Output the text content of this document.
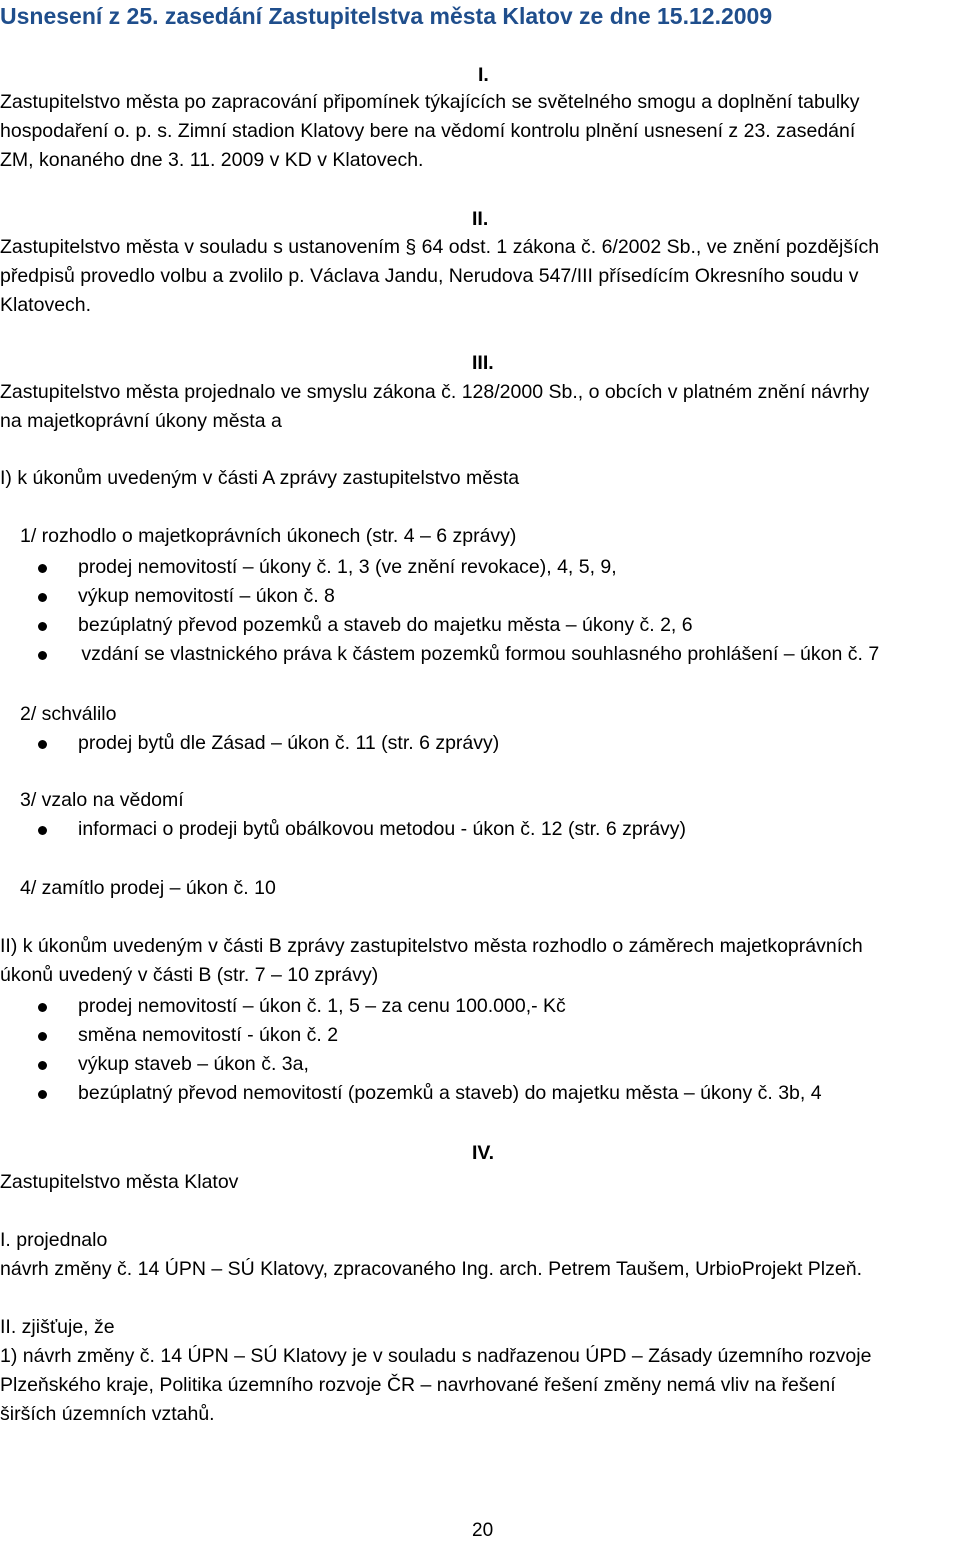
Usnesení z 25. zasedání Zastupitelstva města Klatov ze dne 15.12.2009
I.
Zastupitelstvo města po zapracování připomínek týkajících se světelného smogu a doplnění tabulky
hospodaření o. p. s. Zimní stadion Klatovy bere na vědomí kontrolu plnění usnesení z 23. zasedání
ZM, konaného dne 3. 11. 2009 v KD v Klatovech.
II.
Zastupitelstvo města v souladu s ustanovením § 64 odst. 1 zákona č. 6/2002 Sb., ve znění pozdějších
předpisů provedlo volbu a zvolilo p. Václava Jandu, Nerudova 547/III přísedícím Okresního soudu v
Klatovech.
III.
Zastupitelstvo města projednalo ve smyslu zákona č. 128/2000 Sb., o obcích v platném znění návrhy
na majetkoprávní úkony města a
I) k úkonům uvedeným v části A zprávy zastupitelstvo města
1/ rozhodlo o majetkoprávních úkonech (str. 4 – 6 zprávy)
prodej nemovitostí – úkony č. 1, 3 (ve znění revokace), 4, 5, 9,
výkup nemovitostí – úkon č. 8
bezúplatný převod pozemků a staveb do majetku města – úkony č. 2, 6
vzdání se vlastnického práva k částem pozemků formou souhlasného prohlášení – úkon č. 7
2/ schválilo
prodej bytů dle Zásad – úkon č. 11 (str. 6 zprávy)
3/ vzalo na vědomí
informaci o prodeji bytů obálkovou metodou - úkon č. 12 (str. 6 zprávy)
4/ zamítlo prodej – úkon č. 10
II) k úkonům uvedeným v části B zprávy zastupitelstvo města rozhodlo o záměrech majetkoprávních
úkonů uvedený v části B (str. 7 – 10 zprávy)
prodej nemovitostí – úkon č. 1, 5 – za cenu 100.000,- Kč
směna nemovitostí - úkon č. 2
výkup staveb – úkon č. 3a,
bezúplatný převod nemovitostí (pozemků a staveb) do majetku města – úkony č. 3b, 4
IV.
Zastupitelstvo města Klatov
I. projednalo
návrh změny č. 14 ÚPN – SÚ Klatovy, zpracovaného Ing. arch. Petrem Taušem, UrbioProjekt Plzeň.
II. zjišťuje, že
1) návrh změny č. 14 ÚPN – SÚ Klatovy je v souladu s nadřazenou ÚPD – Zásady územního rozvoje
Plzeňského kraje, Politika územního rozvoje ČR – navrhované řešení změny nemá vliv na řešení
širších územních vztahů.
20
